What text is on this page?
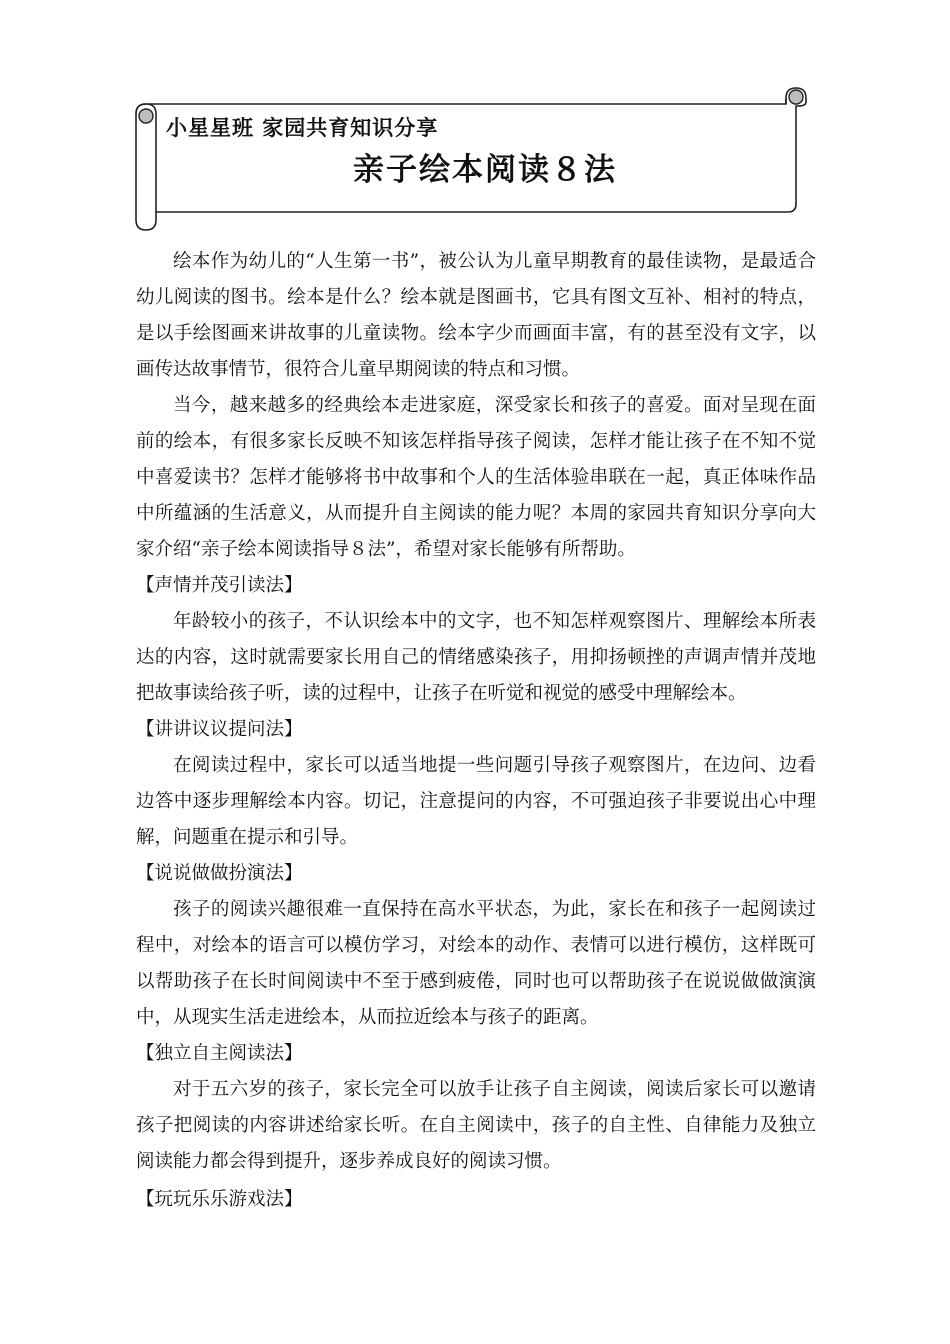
小星星班 家园共育知识分享
亲子绘本阅读８法

绘本作为幼儿的“人生第一书”，被公认为儿童早期教育的最佳读物，是最适合幼儿阅读的图书。绘本是什么？绘本就是图画书，它具有图文互补、相衬的特点，是以手绘图画来讲故事的儿童读物。绘本字少而画面丰富，有的甚至没有文字，以画传达故事情节，很符合儿童早期阅读的特点和习惯。

当今，越来越多的经典绘本走进家庭，深受家长和孩子的喜爱。面对呈现在面前的绘本，有很多家长反映不知该怎样指导孩子阅读，怎样才能让孩子在不知不觉中喜爱读书？怎样才能够将书中故事和个人的生活体验串联在一起，真正体味作品中所蕴涵的生活意义，从而提升自主阅读的能力呢？本周的家园共育知识分享向大家介绍“亲子绘本阅读指导８法”，希望对家长能够有所帮助。

【声情并茂引读法】

年龄较小的孩子，不认识绘本中的文字，也不知怎样观察图片、理解绘本所表达的内容，这时就需要家长用自己的情绪感染孩子，用抑扬顿挫的声调声情并茂地把故事读给孩子听，读的过程中，让孩子在听觉和视觉的感受中理解绘本。

【讲讲议议提问法】

在阅读过程中，家长可以适当地提一些问题引导孩子观察图片，在边问、边看边答中逐步理解绘本内容。切记，注意提问的内容，不可强迫孩子非要说出心中理解，问题重在提示和引导。

【说说做做扮演法】

孩子的阅读兴趣很难一直保持在高水平状态，为此，家长在和孩子一起阅读过程中，对绘本的语言可以模仿学习，对绘本的动作、表情可以进行模仿，这样既可以帮助孩子在长时间阅读中不至于感到疲倦，同时也可以帮助孩子在说说做做演演中，从现实生活走进绘本，从而拉近绘本与孩子的距离。

【独立自主阅读法】

对于五六岁的孩子，家长完全可以放手让孩子自主阅读，阅读后家长可以邀请孩子把阅读的内容讲述给家长听。在自主阅读中，孩子的自主性、自律能力及独立阅读能力都会得到提升，逐步养成良好的阅读习惯。

【玩玩乐乐游戏法】
